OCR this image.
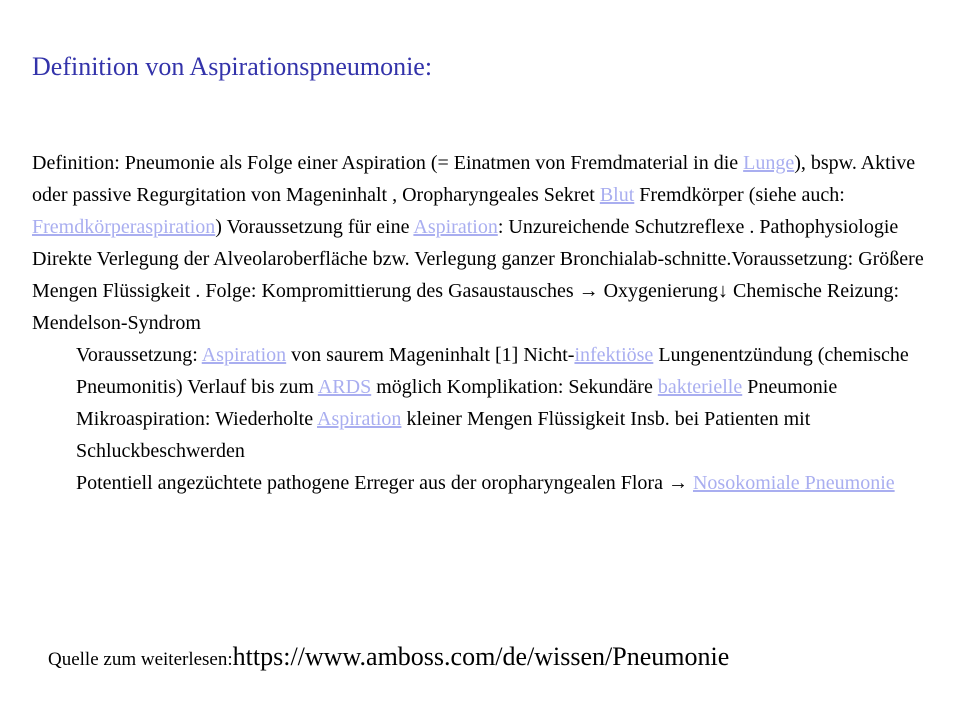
Definition von Aspirationspneumonie:

Definition: Pneumonie als Folge einer Aspiration (= Einatmen von Fremdmaterial in die Lunge), bspw. Aktive oder passive Regurgitation von Mageninhalt , Oropharyngeales Sekret Blut Fremdkörper (siehe auch: Fremdkörperaspiration) Voraussetzung für eine Aspiration: Unzureichende Schutzreflexe . Pathophysiologie Direkte Verlegung der Alveolaroberfläche bzw. Verlegung ganzer Bronchialab-schnitte.Voraussetzung: Größere Mengen Flüssigkeit . Folge: Kompromittierung des Gasaustausches → Oxygenierung↓ Chemische Reizung: Mendelson-Syndrom

Voraussetzung: Aspiration von saurem Mageninhalt [1] Nicht-infektiöse Lungenentzündung (chemische Pneumonitis) Verlauf bis zum ARDS möglich Komplikation: Sekundäre bakterielle Pneumonie Mikroaspiration: Wiederholte Aspiration kleiner Mengen Flüssigkeit Insb. bei Patienten mit Schluckbeschwerden

Potentiell angezüchtete pathogene Erreger aus der oropharyngealen Flora → Nosokomiale Pneumonie

Quelle zum weiterlesen:https://www.amboss.com/de/wissen/Pneumonie
